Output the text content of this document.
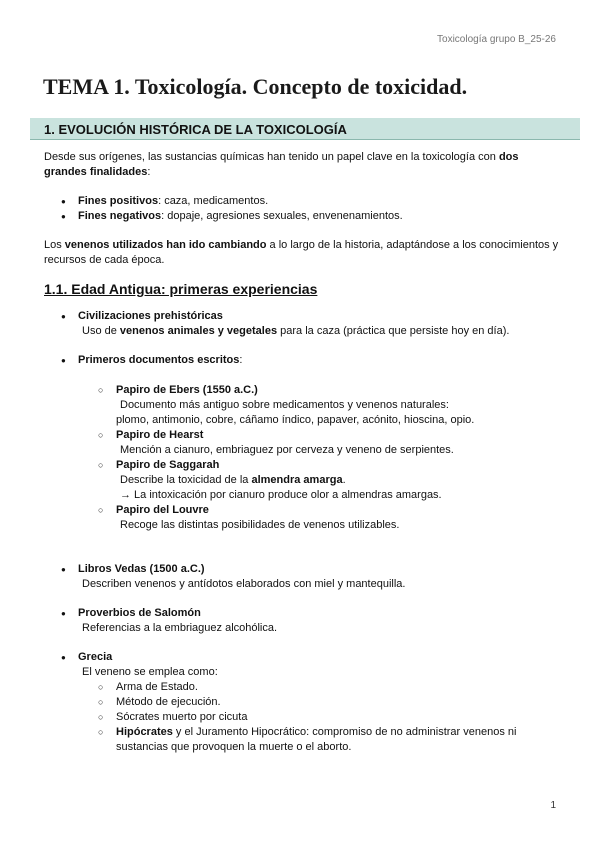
Toxicología grupo B_25-26
TEMA 1. Toxicología. Concepto de toxicidad.
1. EVOLUCIÓN HISTÓRICA DE LA TOXICOLOGÍA

Desde sus orígenes, las sustancias químicas han tenido un papel clave en la toxicología con dos grandes finalidades:

● Fines positivos: caza, medicamentos.
● Fines negativos: dopaje, agresiones sexuales, envenenamientos.

Los venenos utilizados han ido cambiando a lo largo de la historia, adaptándose a los conocimientos y recursos de cada época.

1.1. Edad Antigua: primeras experiencias
● Civilizaciones prehistóricas
Uso de venenos animales y vegetales para la caza (práctica que persiste hoy en día).
● Primeros documentos escritos:
○ Papiro de Ebers (1550 a.C.)
Documento más antiguo sobre medicamentos y venenos naturales:
plomo, antimonio, cobre, cáñamo índico, papaver, acónito, hioscina, opio.
○ Papiro de Hearst
Mención a cianuro, embriaguez por cerveza y veneno de serpientes.
○ Papiro de Saggarah
Describe la toxicidad de la almendra amarga.
→ La intoxicación por cianuro produce olor a almendras amargas.
○ Papiro del Louvre
Recoge las distintas posibilidades de venenos utilizables.
● Libros Vedas (1500 a.C.)
Describen venenos y antídotos elaborados con miel y mantequilla.
● Proverbios de Salomón
Referencias a la embriaguez alcohólica.
● Grecia
El veneno se emplea como:
○ Arma de Estado.
○ Método de ejecución.
○ Sócrates muerto por cicuta
○ Hipócrates y el Juramento Hipocrático: compromiso de no administrar venenos ni sustancias que provoquen la muerte o el aborto.
1
